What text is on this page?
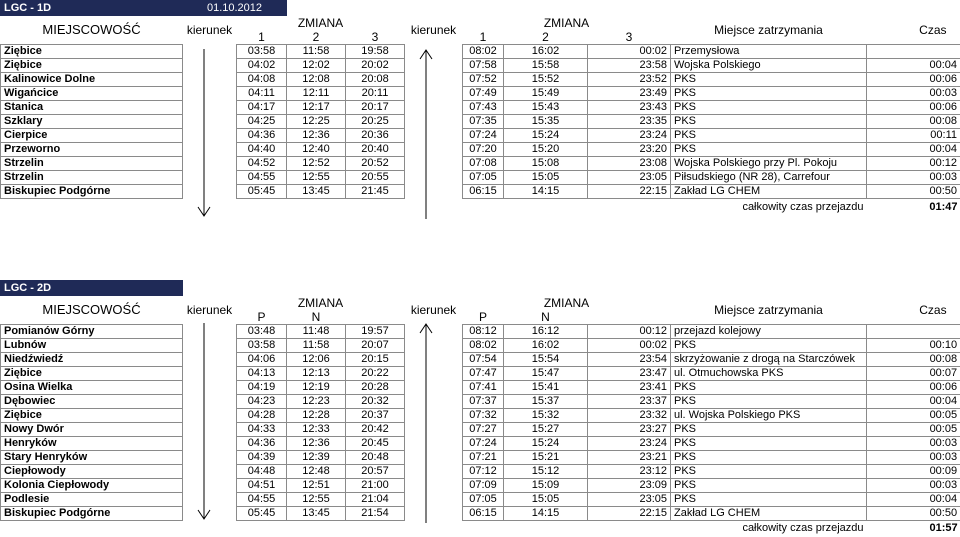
LGC - 1D	01.10.2012									
MIEJSCOWOŚĆ	kierunek	ZMIANA			kierunek	ZMIANA			Miejsce zatrzymania	Czas
		1	2	3		1	2	3		
Ziębice		03:58	11:58	19:58		08:02	16:02	00:02	Przemysłowa	
Ziębice		04:02	12:02	20:02		07:58	15:58	23:58	Wojska Polskiego	00:04
Kalinowice Dolne		04:08	12:08	20:08		07:52	15:52	23:52	PKS	00:06
Wigańcice		04:11	12:11	20:11		07:49	15:49	23:49	PKS	00:03
Stanica		04:17	12:17	20:17		07:43	15:43	23:43	PKS	00:06
Szklary		04:25	12:25	20:25		07:35	15:35	23:35	PKS	00:08
Cierpice		04:36	12:36	20:36		07:24	15:24	23:24	PKS	00:11
Przeworno		04:40	12:40	20:40		07:20	15:20	23:20	PKS	00:04
Strzelin		04:52	12:52	20:52		07:08	15:08	23:08	Wojska Polskiego przy Pl. Pokoju	00:12
Strzelin		04:55	12:55	20:55		07:05	15:05	23:05	Piłsudskiego (NR 28), Carrefour	00:03
Biskupiec Podgórne		05:45	13:45	21:45		06:15	14:15	22:15	Zakład LG CHEM	00:50
całkowity czas przejazdu										01:47
LGC - 2D										
MIEJSCOWOŚĆ	kierunek	ZMIANA			kierunek	ZMIANA			Miejsce zatrzymania	Czas
		P	N			P	N			
Pomianów Górny		03:48	11:48	19:57		08:12	16:12	00:12	przejazd kolejowy	
Lubnów		03:58	11:58	20:07		08:02	16:02	00:02	PKS	00:10
Niedźwiedź		04:06	12:06	20:15		07:54	15:54	23:54	skrzyżowanie z drogą na Starczówek	00:08
Ziębice		04:13	12:13	20:22		07:47	15:47	23:47	ul. Otmuchowska PKS	00:07
Osina Wielka		04:19	12:19	20:28		07:41	15:41	23:41	PKS	00:06
Dębowiec		04:23	12:23	20:32		07:37	15:37	23:37	PKS	00:04
Ziębice		04:28	12:28	20:37		07:32	15:32	23:32	ul. Wojska Polskiego PKS	00:05
Nowy Dwór		04:33	12:33	20:42		07:27	15:27	23:27	PKS	00:05
Henryków		04:36	12:36	20:45		07:24	15:24	23:24	PKS	00:03
Stary Henryków		04:39	12:39	20:48		07:21	15:21	23:21	PKS	00:03
Ciepłowody		04:48	12:48	20:57		07:12	15:12	23:12	PKS	00:09
Kolonia Ciepłowody		04:51	12:51	21:00		07:09	15:09	23:09	PKS	00:03
Podlesie		04:55	12:55	21:04		07:05	15:05	23:05	PKS	00:04
Biskupiec Podgórne		05:45	13:45	21:54		06:15	14:15	22:15	Zakład LG CHEM	00:50
całkowity czas przejazdu										01:57
